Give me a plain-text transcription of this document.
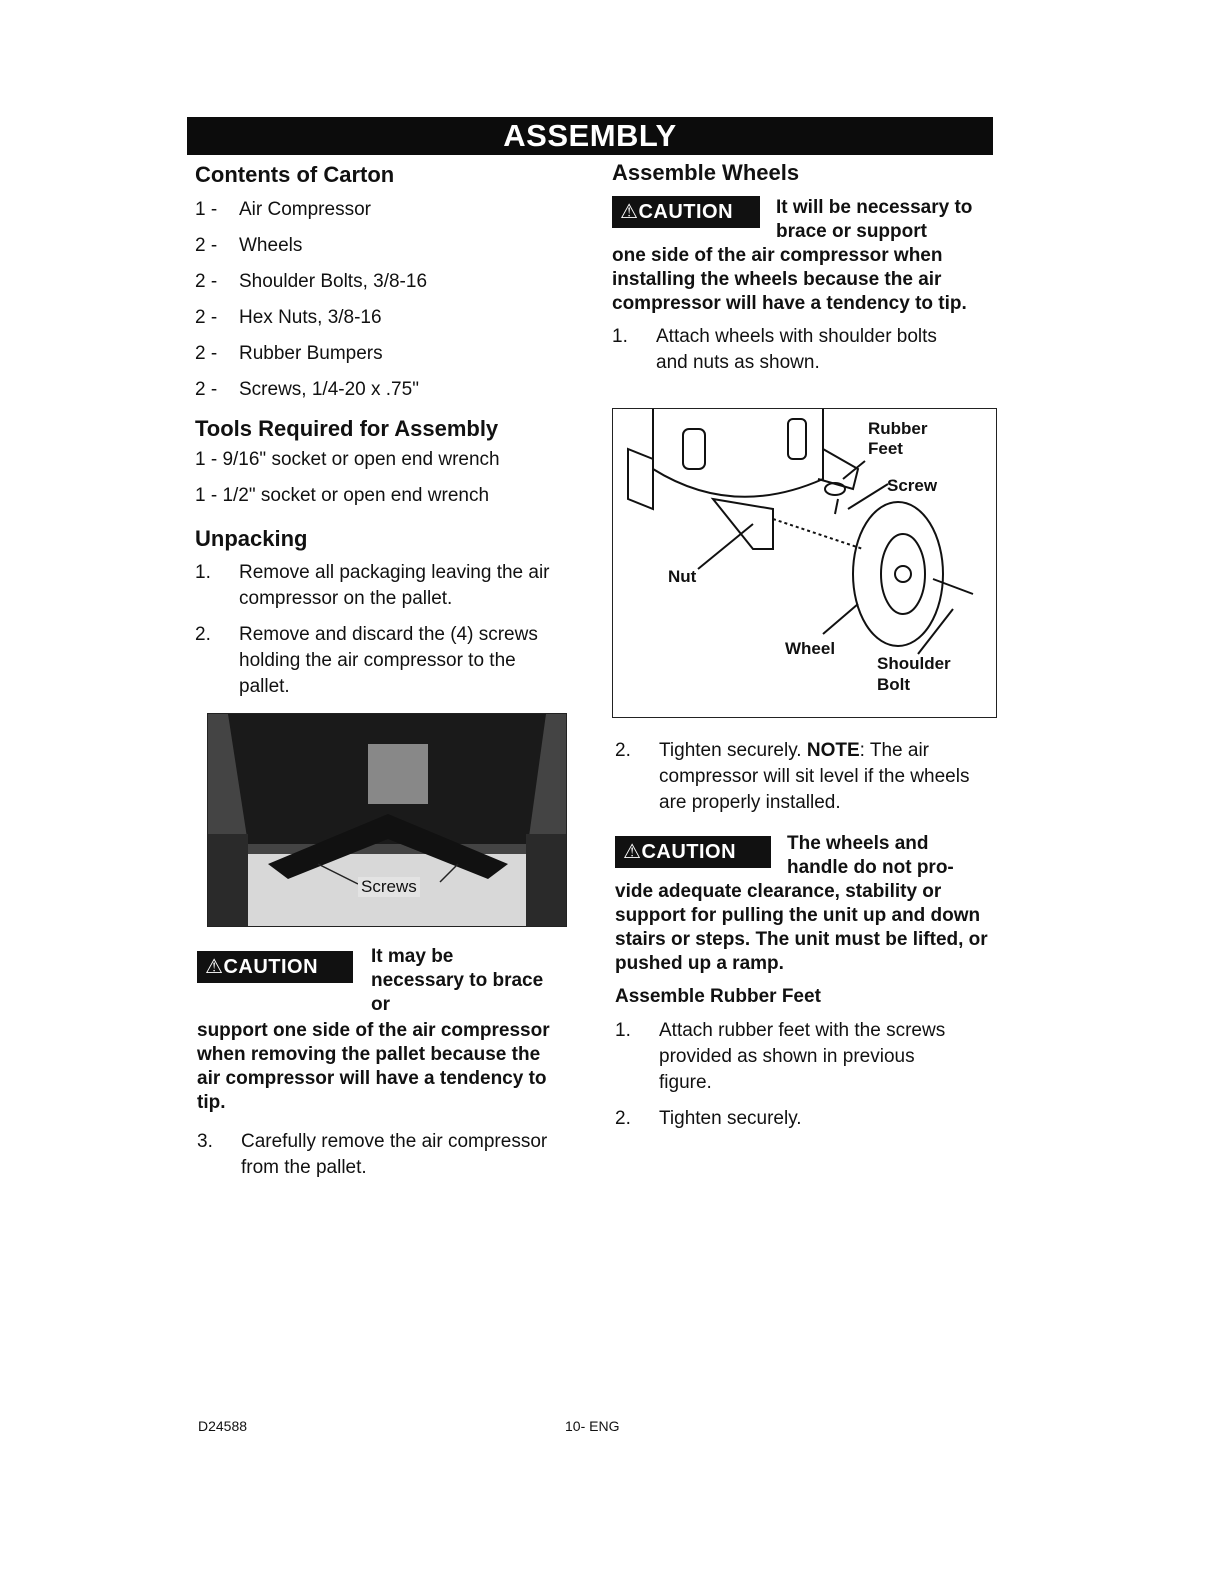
ASSEMBLY

Contents of Carton

1 -	Air Compressor
2 -	Wheels
2 -	Shoulder Bolts, 3/8-16
2 -	Hex Nuts, 3/8-16
2 -	Rubber Bumpers
2 -	Screws, 1/4-20 x .75"

Tools Required for Assembly

1 - 9/16" socket or open end wrench
1 - 1/2" socket or open end wrench

Unpacking

1.	Remove all packaging leaving the air compressor on the pallet.
2.	Remove and discard the (4) screws holding the air compressor to the pallet.
Screws
⚠CAUTION	It may be necessary to brace or
support one side of the air compressor when removing the pallet because the air compressor will have a tendency to tip.
3.	Carefully remove the air compressor from the pallet.

Assemble Wheels

⚠CAUTION	It will be necessary to brace or support
one side of the air compressor when installing the wheels because the air compressor will have a tendency to tip.
1.	Attach wheels with shoulder bolts and nuts as shown.
Rubber Feet
Screw
Nut
Wheel
Shoulder Bolt
2.	Tighten securely. NOTE: The air compressor will sit level if the wheels are properly installed.
⚠CAUTION	The wheels and handle do not pro-
vide adequate clearance, stability or support for pulling the unit up and down stairs or steps. The unit must be lifted, or pushed up a ramp.
Assemble Rubber Feet
1.	Attach rubber feet with the screws provided as shown in previous figure.
2.	Tighten securely.
D24588	10- ENG
